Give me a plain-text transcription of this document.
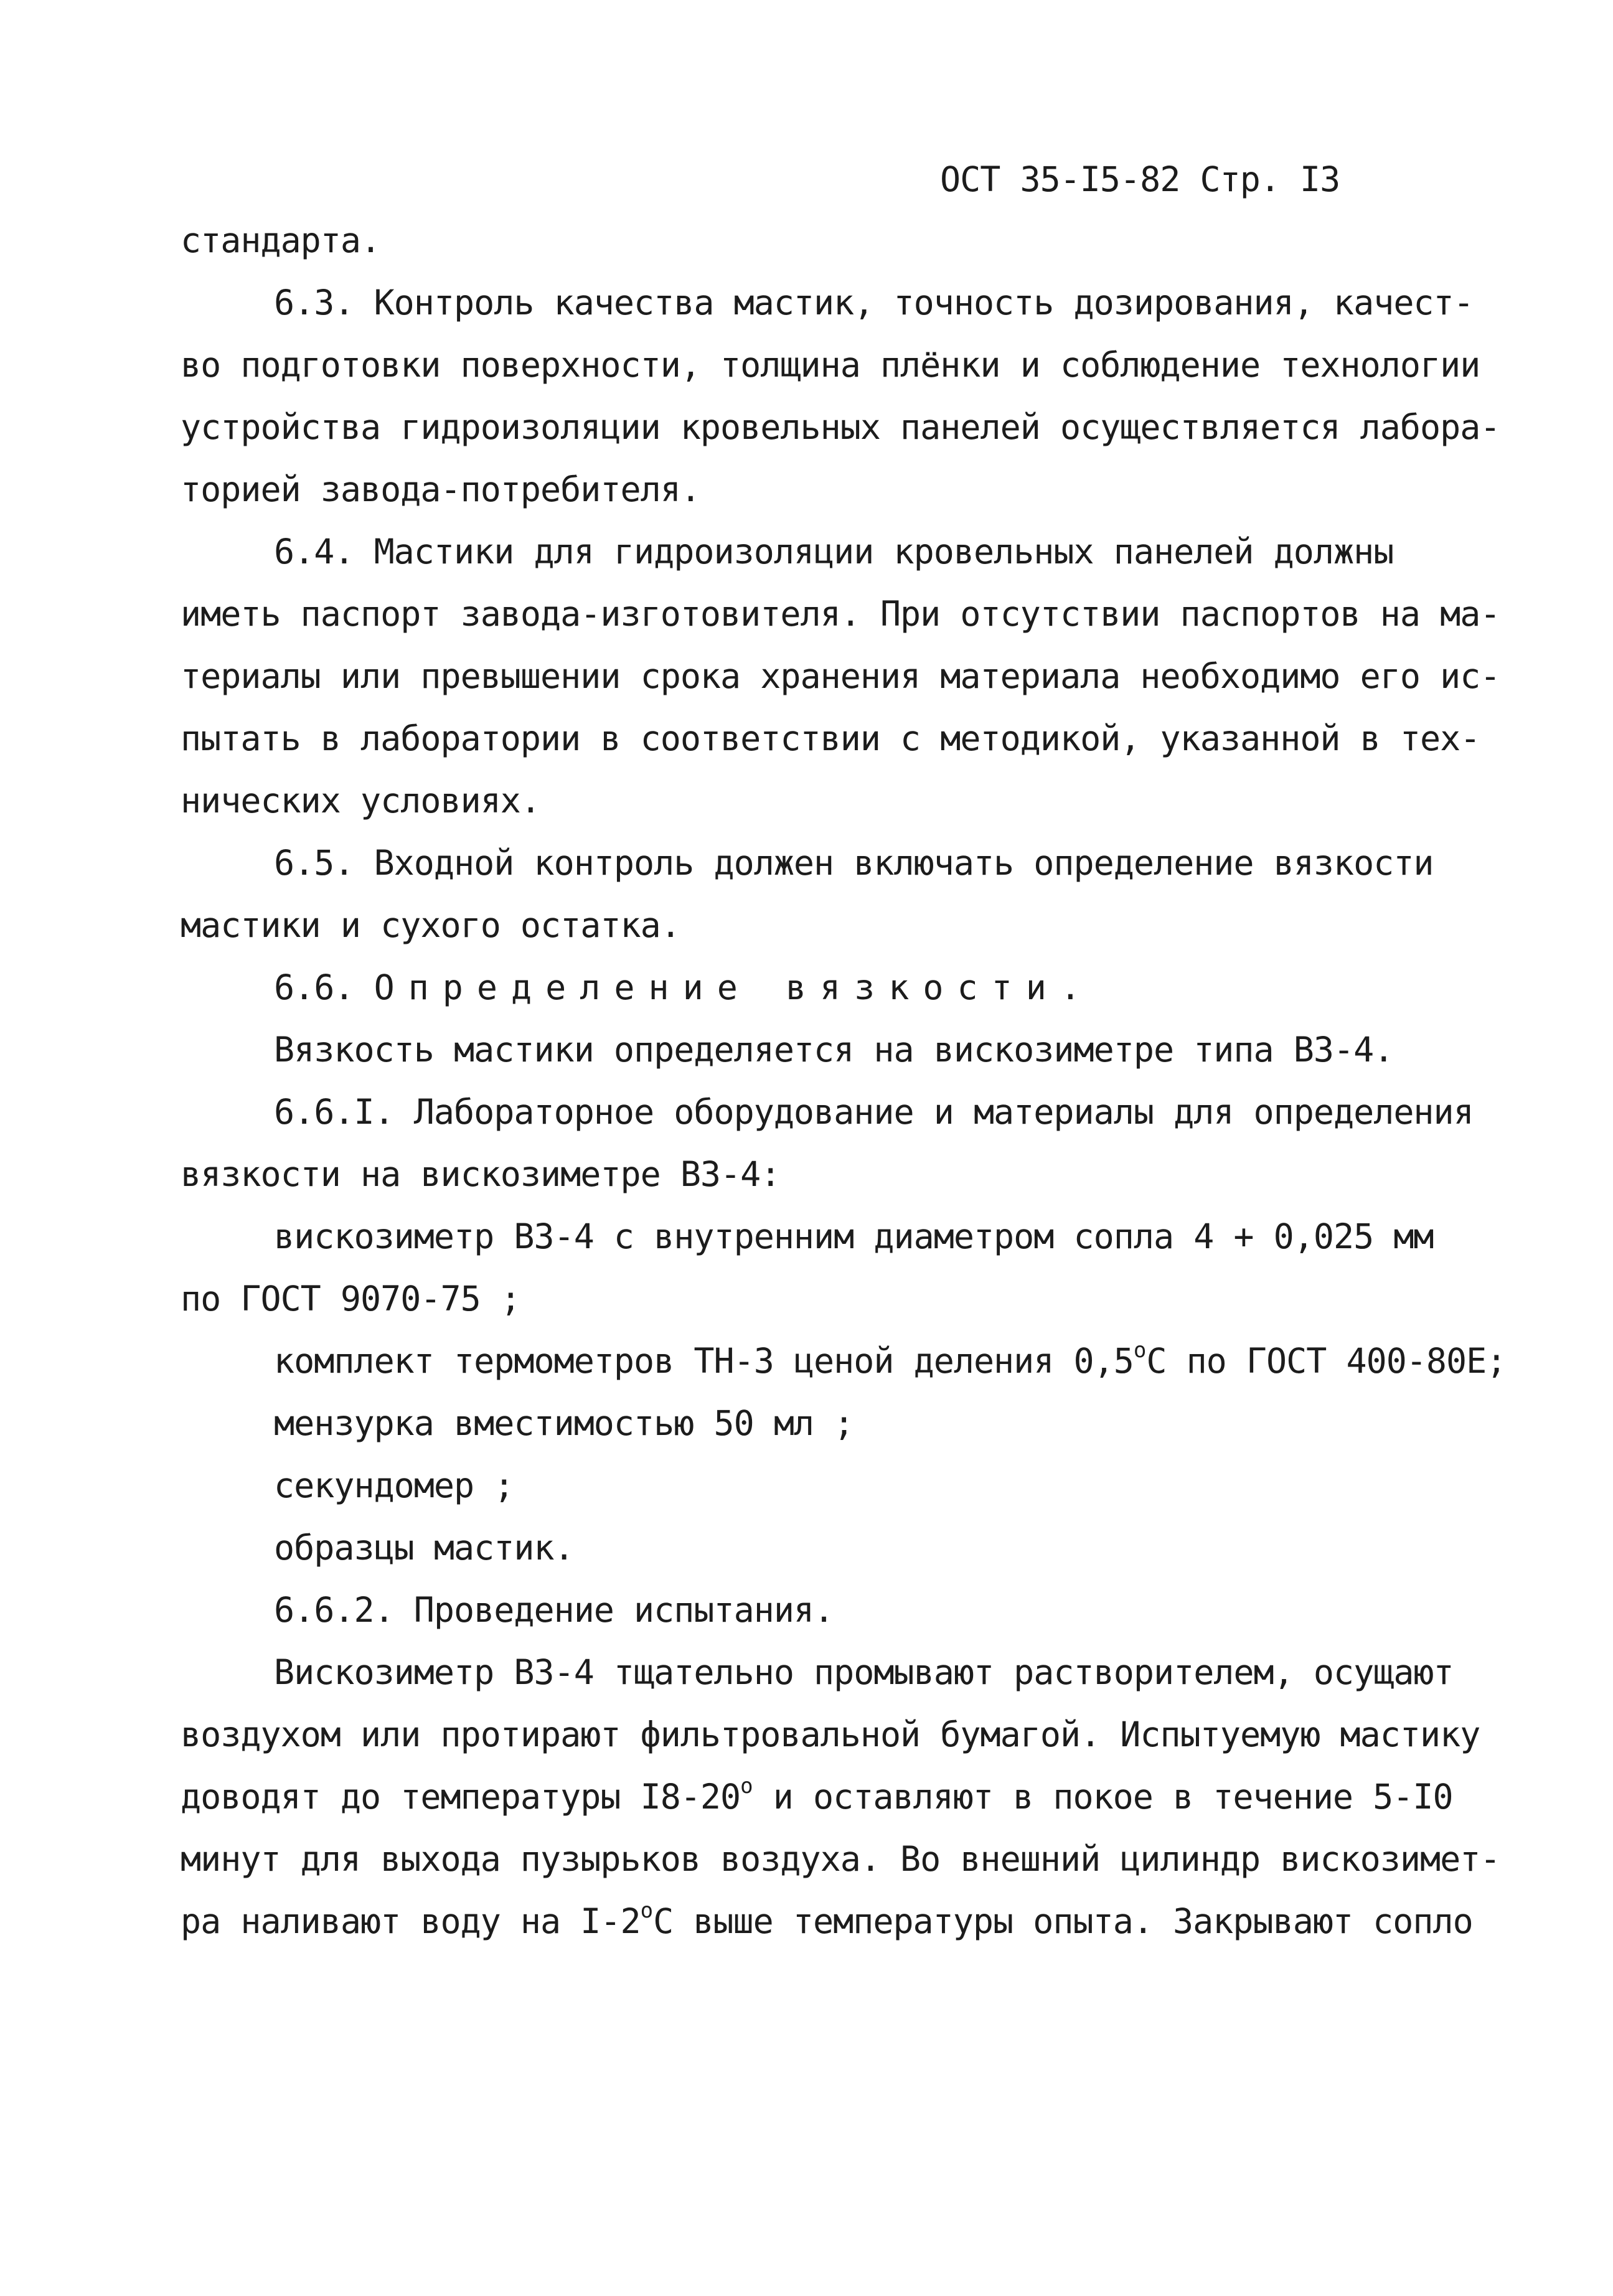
ОСТ 35-I5-82 Стр. I3
стандарта.
6.3. Контроль качества мастик, точность дозирования, качест-
во подготовки поверхности, толщина плёнки и соблюдение технологии
устройства гидроизоляции кровельных панелей осуществляется лабора-
торией завода-потребителя.
6.4. Мастики для гидроизоляции кровельных панелей должны
иметь паспорт завода-изготовителя. При отсутствии паспортов на ма-
териалы или превышении срока хранения материала необходимо его ис-
пытать в лаборатории в соответствии с методикой, указанной в тех-
нических условиях.
6.5. Входной контроль должен включать определение вязкости
мастики и сухого остатка.
6.6. Определение вязкости.
Вязкость мастики определяется на вискозиметре типа ВЗ-4.
6.6.I. Лабораторное оборудование и материалы для определения
вязкости на вискозиметре ВЗ-4:
вискозиметр ВЗ-4 с внутренним диаметром сопла 4 + 0,025 мм
по ГОСТ 9070-75 ;
комплект термометров ТН-3 ценой деления $0,5^оС$ по ГОСТ 400-80Е;
мензурка вместимостью 50 мл ;
секундомер ;
образцы мастик.
6.6.2. Проведение испытания.
Вискозиметр ВЗ-4 тщательно промывают растворителем, осущают
воздухом или протирают фильтровальной бумагой. Испытуемую мастику
доводят до температуры $I8-20^о$ и оставляют в покое в течение 5-I0
минут для выхода пузырьков воздуха. Во внешний цилиндр вискозимет-
ра наливают воду на $I-2^оС$ выше температуры опыта. Закрывают сопло
